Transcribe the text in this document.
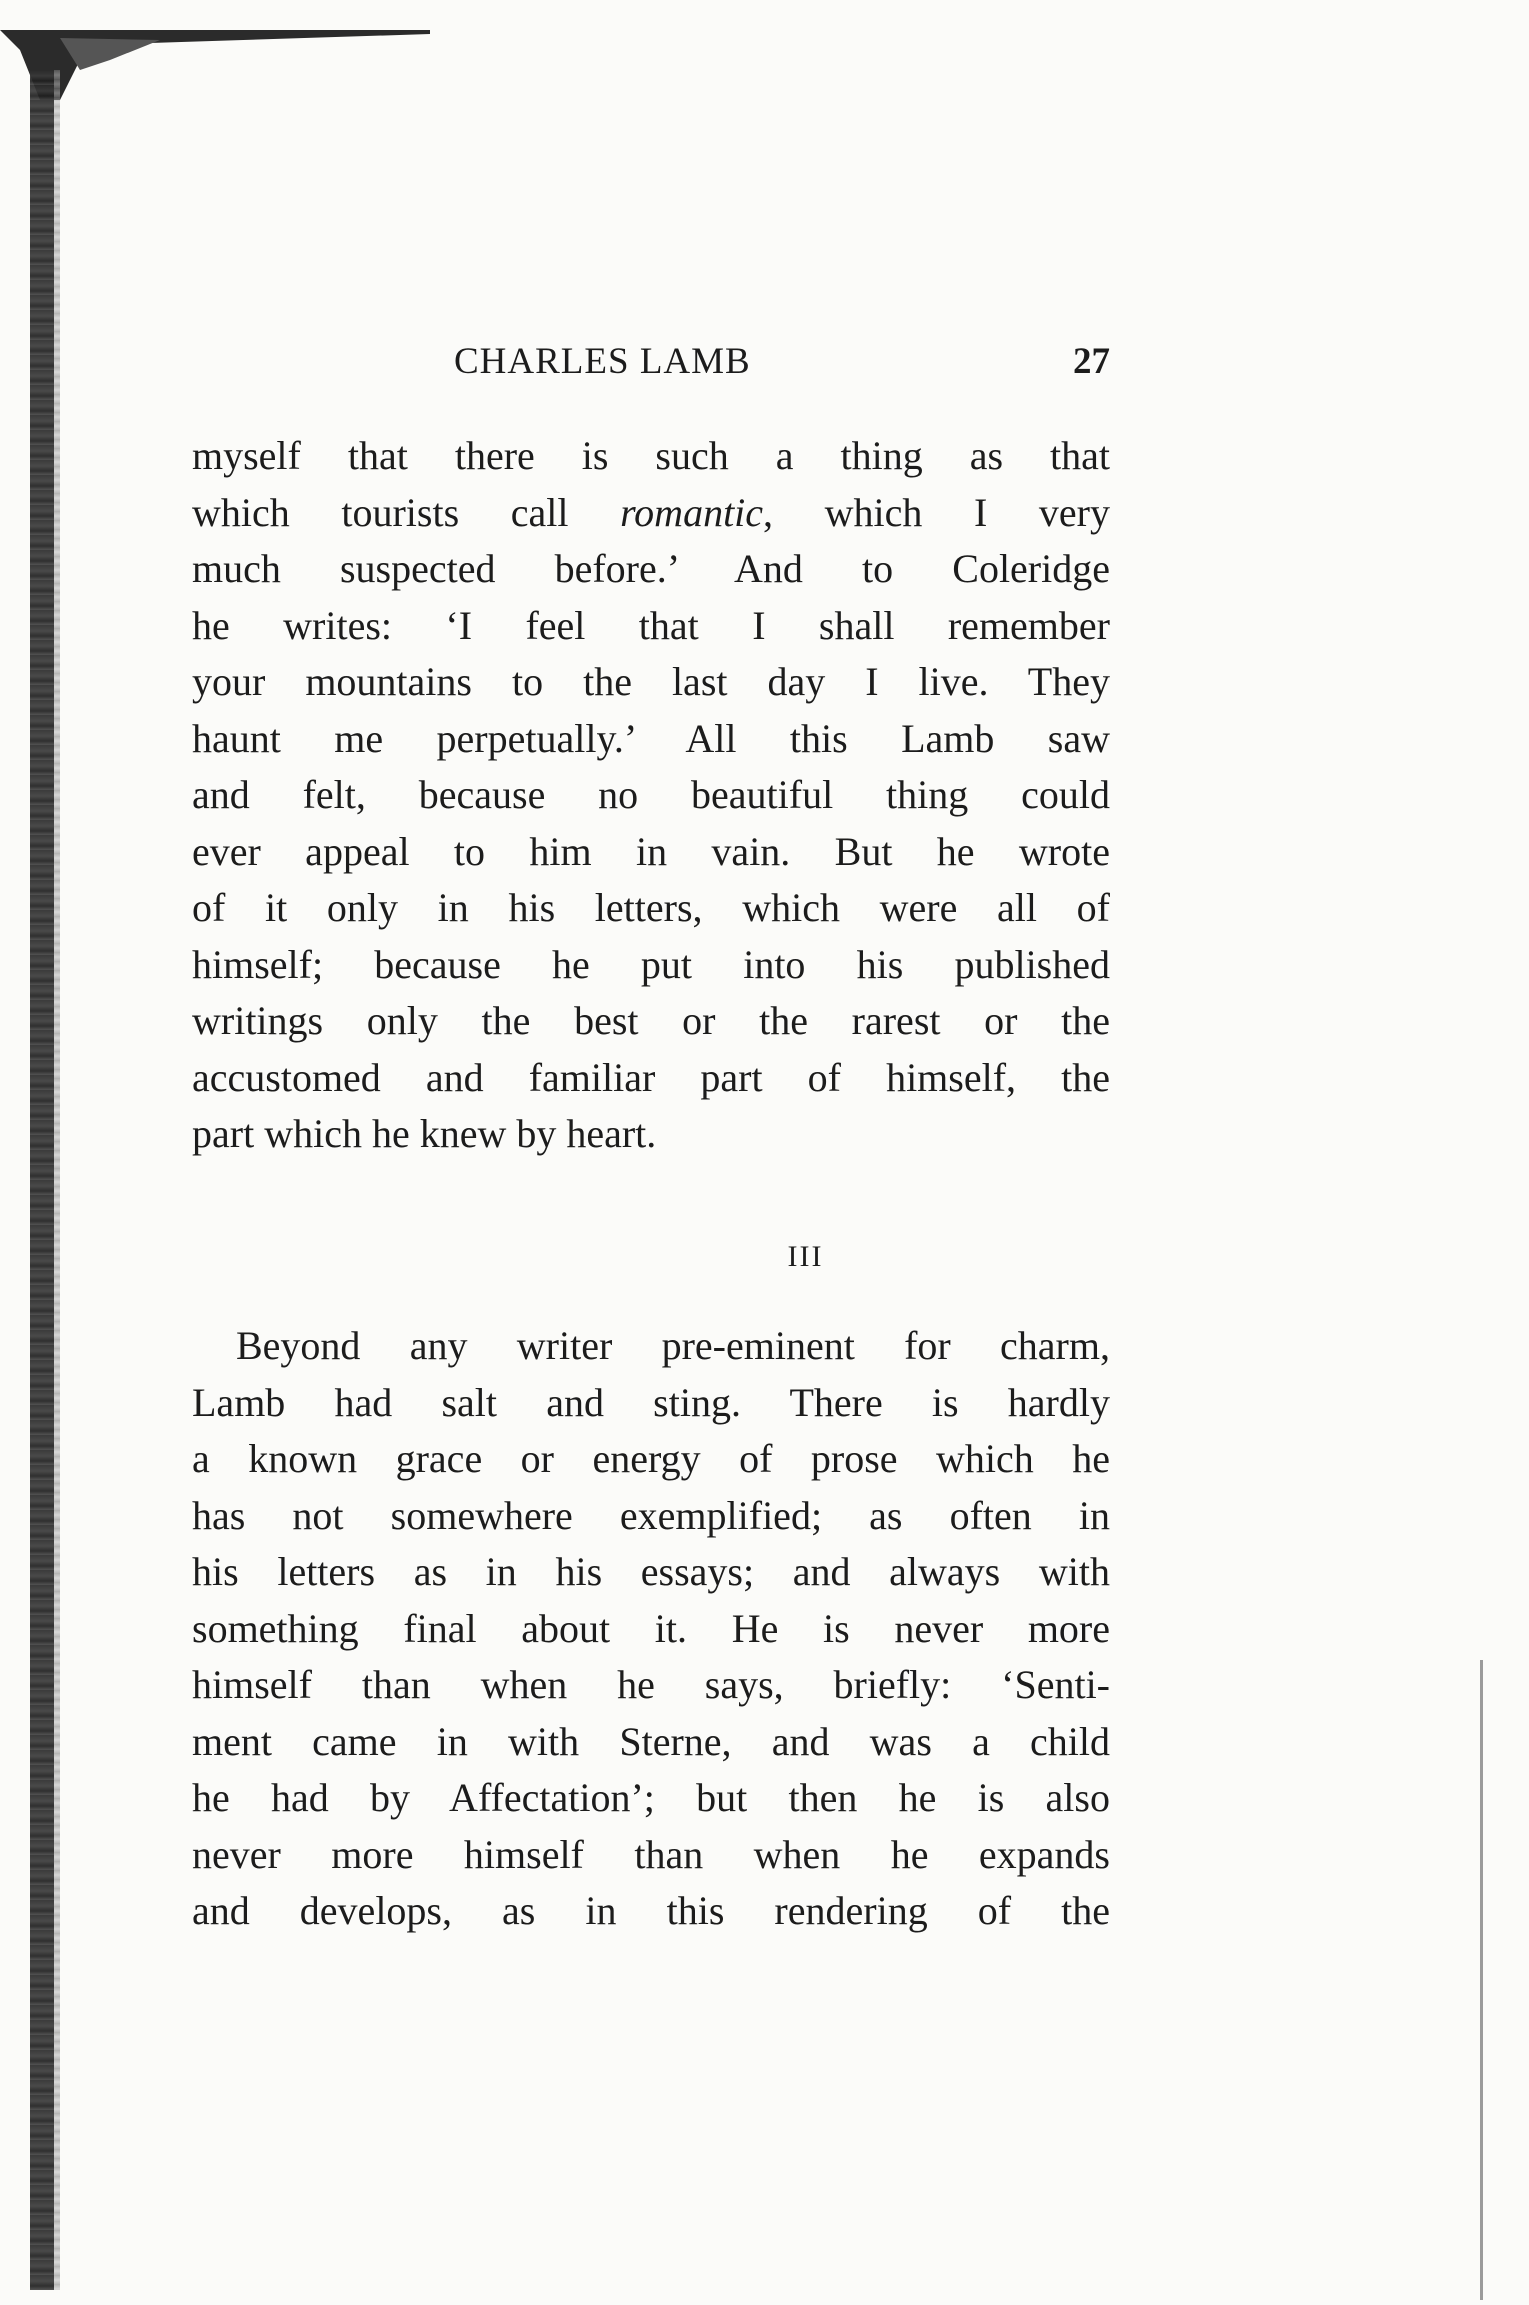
CHARLES LAMB	27
myself that there is such a thing as that
which tourists call romantic, which I very
much suspected before.’ And to Coleridge
he writes: ‘I feel that I shall remember
your mountains to the last day I live. They
haunt me perpetually.’ All this Lamb saw
and felt, because no beautiful thing could
ever appeal to him in vain. But he wrote
of it only in his letters, which were all of
himself; because he put into his published
writings only the best or the rarest or the
accustomed and familiar part of himself, the
part which he knew by heart.
III
Beyond any writer pre-eminent for charm,
Lamb had salt and sting. There is hardly
a known grace or energy of prose which he
has not somewhere exemplified; as often in
his letters as in his essays; and always with
something final about it. He is never more
himself than when he says, briefly: ‘Senti-
ment came in with Sterne, and was a child
he had by Affectation’; but then he is also
never more himself than when he expands
and develops, as in this rendering of the
